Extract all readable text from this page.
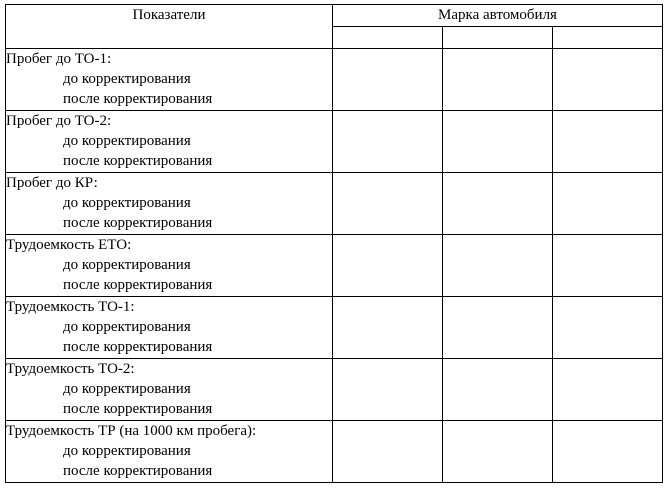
Показатели	Марка автомобиля		

Пробег до ТО-1:
до корректирования
после корректирования			

Пробег до ТО-2:
до корректирования
после корректирования			

Пробег до КР:
до корректирования
после корректирования			

Трудоемкость ЕТО:
до корректирования
после корректирования			

Трудоемкость ТО-1:
до корректирования
после корректирования			

Трудоемкость ТО-2:
до корректирования
после корректирования			

Трудоемкость ТР (на 1000 км пробега):
до корректирования
после корректирования			
